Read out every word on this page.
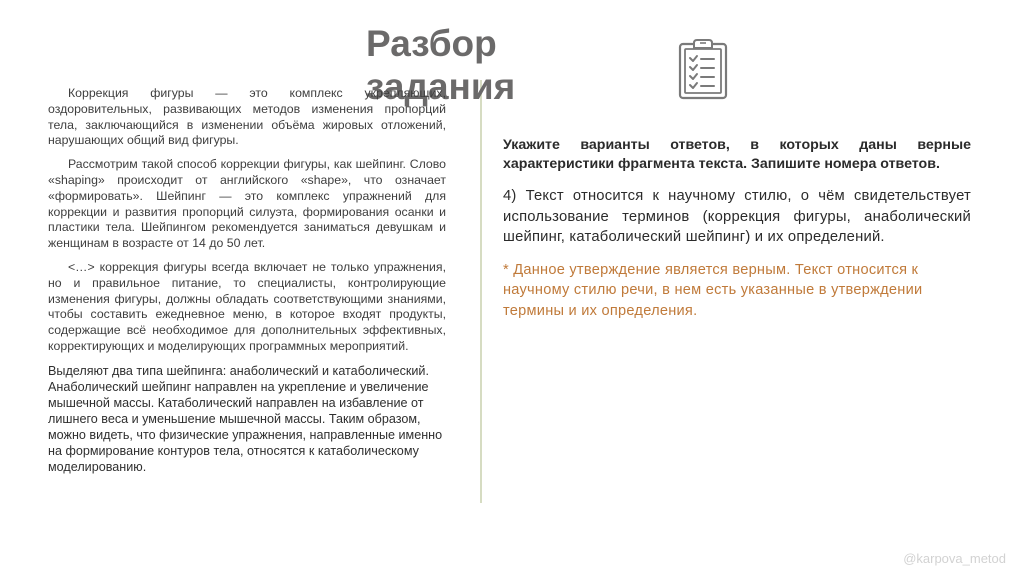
Разбор
задания

Коррекция фигуры — это комплекс укрепляющих, оздоровительных, развивающих методов изменения пропорций тела, заключающийся в изменении объёма жировых отложений, нарушающих общий вид фигуры.

Рассмотрим такой способ коррекции фигуры, как шейпинг. Слово «shaping» происходит от английского «shape», что означает «формировать». Шейпинг — это комплекс упражнений для коррекции и развития пропорций силуэта, формирования осанки и пластики тела. Шейпингом рекомендуется заниматься девушкам и женщинам в возрасте от 14 до 50 лет.

<…> коррекция фигуры всегда включает не только упражнения, но и правильное питание, то специалисты, контролирующие изменения фигуры, должны обладать соответствующими знаниями, чтобы составить ежедневное меню, в которое входят продукты, содержащие всё необходимое для дополнительных эффективных, корректирующих и моделирующих программных мероприятий.

Выделяют два типа шейпинга: анаболический и катаболический. Анаболический шейпинг направлен на укрепление и увеличение мышечной массы. Катаболический направлен на избавление от лишнего веса и уменьшение мышечной массы. Таким образом, можно видеть, что физические упражнения, направленные именно на формирование контуров тела, относятся к катаболическому моделированию.

Укажите варианты ответов, в которых даны верные характеристики фрагмента текста. Запишите номера ответов.

4) Текст относится к научному стилю, о чём свидетельствует использование терминов (коррекция фигуры, анаболический шейпинг, катаболический шейпинг) и их определений.

* Данное утверждение является верным. Текст относится к научному стилю речи, в нем есть указанные в утверждении термины и их определения.

@karpova_metod
